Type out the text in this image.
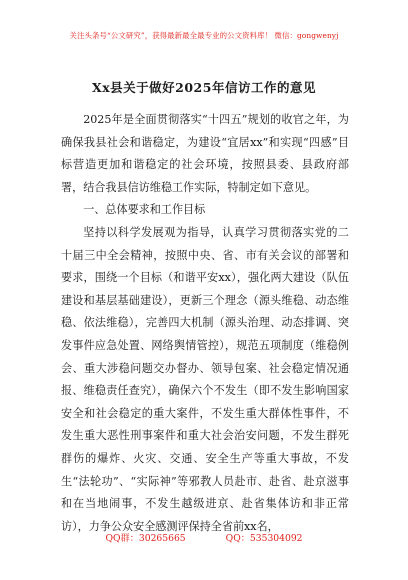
关注头条号“公文研究”，获得最新最全最专业的公文资料库！ 微信：gongwenyj
Xx县关于做好2025年信访工作的意见

2025年是全面贯彻落实“十四五”规划的收官之年，为确保我县社会和谐稳定，为建设“宜居xx”和实现“四感”目标营造更加和谐稳定的社会环境，按照县委、县政府部署，结合我县信访维稳工作实际，特制定如下意见。

一、总体要求和工作目标

坚持以科学发展观为指导，认真学习贯彻落实党的二十届三中全会精神，按照中央、省、市有关会议的部署和要求，围绕一个目标（和谐平安xx），强化两大建设（队伍建设和基层基础建设），更新三个理念（源头维稳、动态维稳、依法维稳），完善四大机制（源头治理、动态排调、突发事件应急处置、网络舆情管控），规范五项制度（维稳例会、重大涉稳问题交办督办、领导包案、社会稳定情况通报、维稳责任查究），确保六个不发生（即不发生影响国家安全和社会稳定的重大案件，不发生重大群体性事件，不发生重大恶性刑事案件和重大社会治安问题，不发生群死群伤的爆炸、火灾、交通、安全生产等重大事故，不发生“法轮功”、“实际神”等邪教人员赴市、赴省、赴京滋事和在当地闹事，不发生越级进京、赴省集体访和非正常访），力争公众安全感测评保持全省前xx名，

QQ群：30265665	QQ：535304092
